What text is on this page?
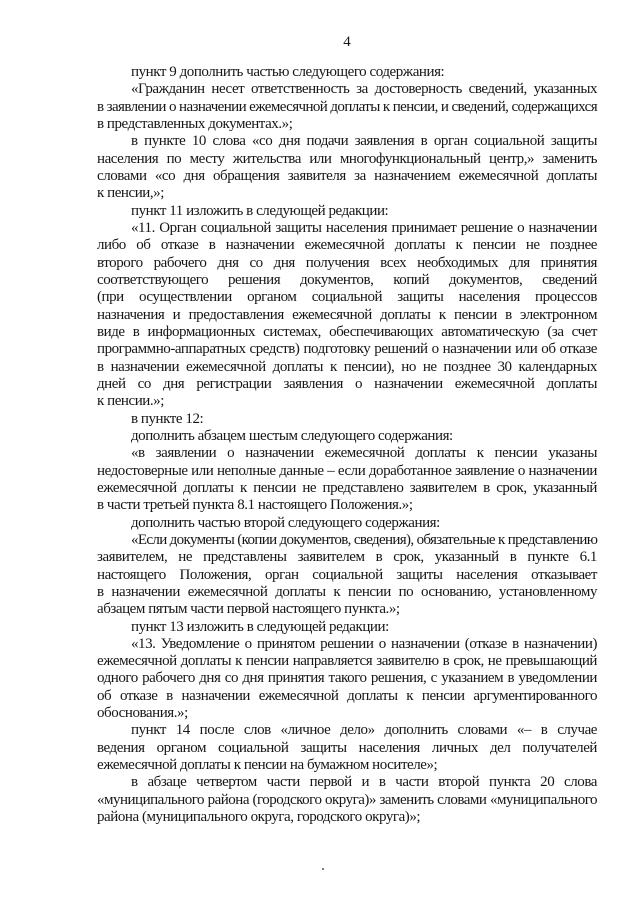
4
пункт 9 дополнить частью следующего содержания:
«Гражданин несет ответственность за достоверность сведений, указанных
в заявлении о назначении ежемесячной доплаты к пенсии, и сведений, содержащихся
в представленных документах.»;
в пункте 10 слова «со дня подачи заявления в орган социальной защиты
населения по месту жительства или многофункциональный центр,» заменить
словами «со дня обращения заявителя за назначением ежемесячной доплаты
к пенсии,»;
пункт 11 изложить в следующей редакции:
«11. Орган социальной защиты населения принимает решение о назначении
либо об отказе в назначении ежемесячной доплаты к пенсии не позднее
второго рабочего дня со дня получения всех необходимых для принятия
соответствующего решения документов, копий документов, сведений
(при осуществлении органом социальной защиты населения процессов
назначения и предоставления ежемесячной доплаты к пенсии в электронном
виде в информационных системах, обеспечивающих автоматическую (за счет
программно-аппаратных средств) подготовку решений о назначении или об отказе
в назначении ежемесячной доплаты к пенсии), но не позднее 30 календарных
дней со дня регистрации заявления о назначении ежемесячной доплаты
к пенсии.»;
в пункте 12:
дополнить абзацем шестым следующего содержания:
«в заявлении о назначении ежемесячной доплаты к пенсии указаны
недостоверные или неполные данные – если доработанное заявление о назначении
ежемесячной доплаты к пенсии не представлено заявителем в срок, указанный
в части третьей пункта 8.1 настоящего Положения.»;
дополнить частью второй следующего содержания:
«Если документы (копии документов, сведения), обязательные к представлению
заявителем, не представлены заявителем в срок, указанный в пункте 6.1
настоящего Положения, орган социальной защиты населения отказывает
в назначении ежемесячной доплаты к пенсии по основанию, установленному
абзацем пятым части первой настоящего пункта.»;
пункт 13 изложить в следующей редакции:
«13. Уведомление о принятом решении о назначении (отказе в назначении)
ежемесячной доплаты к пенсии направляется заявителю в срок, не превышающий
одного рабочего дня со дня принятия такого решения, с указанием в уведомлении
об отказе в назначении ежемесячной доплаты к пенсии аргументированного
обоснования.»;
пункт 14 после слов «личное дело» дополнить словами «– в случае
ведения органом социальной защиты населения личных дел получателей
ежемесячной доплаты к пенсии на бумажном носителе»;
в абзаце четвертом части первой и в части второй пункта 20 слова
«муниципального района (городского округа)» заменить словами «муниципального
района (муниципального округа, городского округа)»;
